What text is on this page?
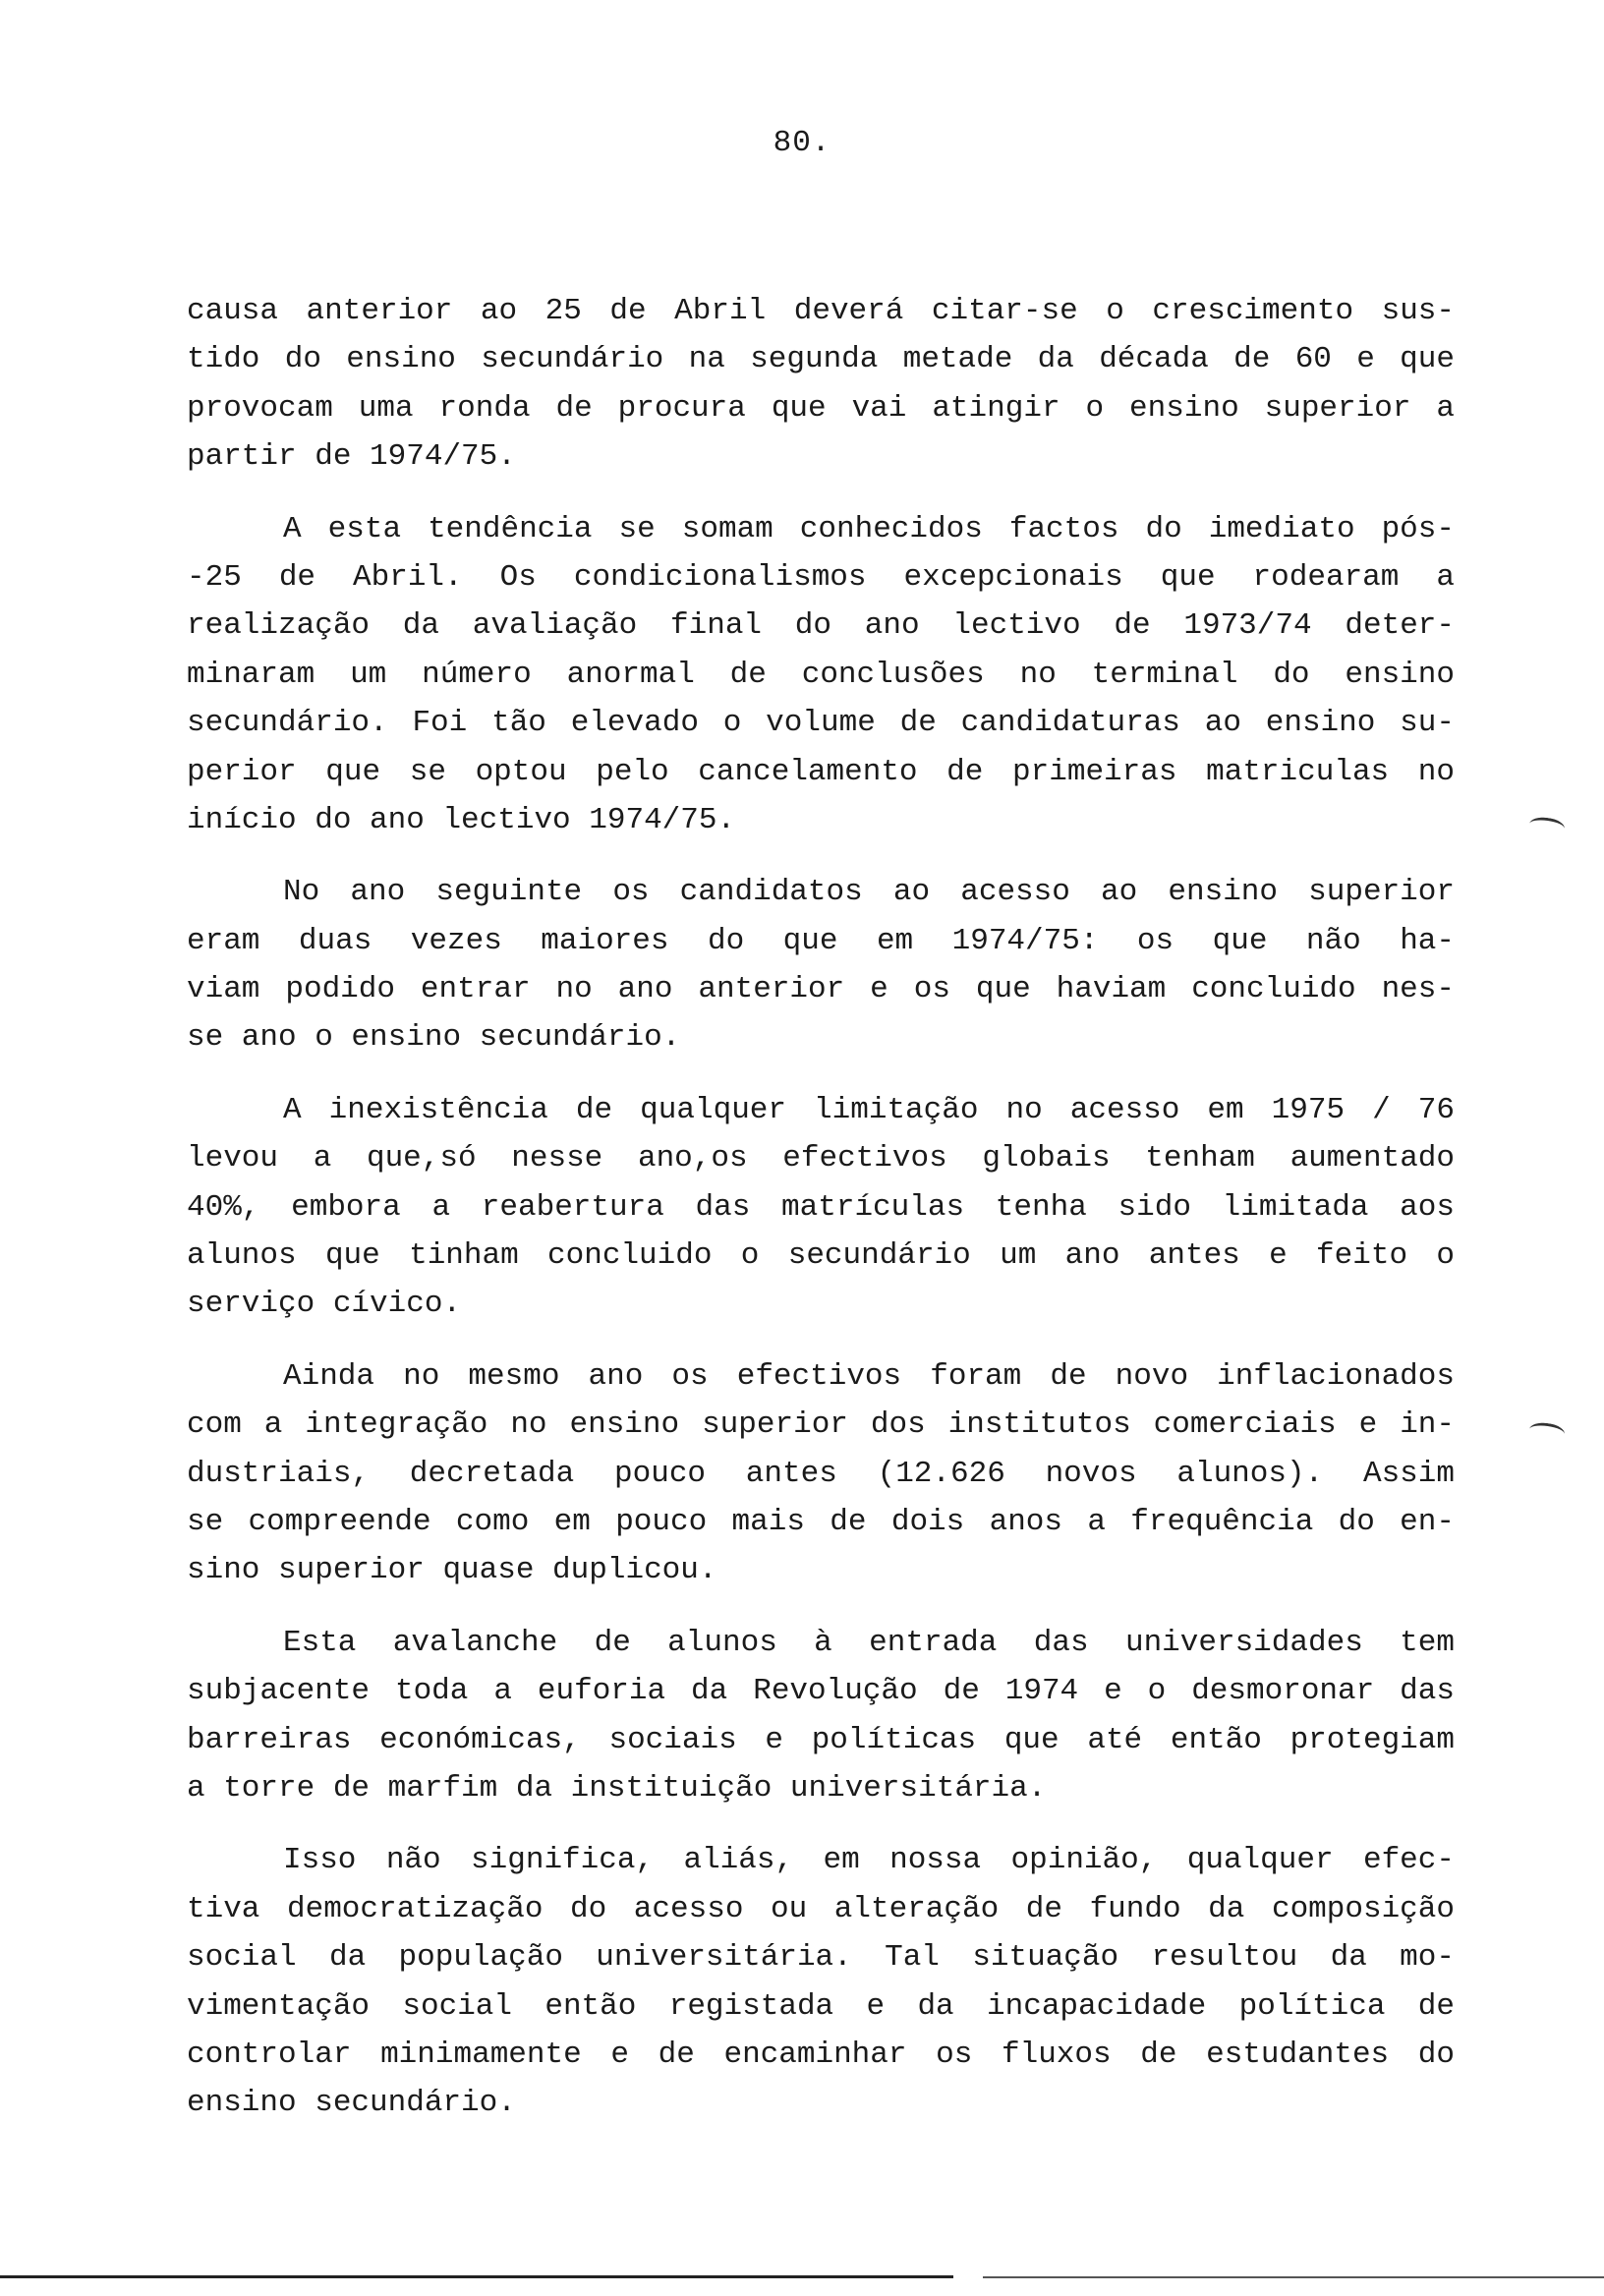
80.
causa anterior ao 25 de Abril deverá citar-se o crescimento sus-
tido do ensino secundário na segunda metade da década de 60 e que
provocam uma ronda de procura que vai atingir o ensino superior a
partir de 1974/75.
A esta tendência se somam conhecidos factos do imediato pós-
-25 de Abril. Os condicionalismos excepcionais que rodearam a
realização da avaliação final do ano lectivo de 1973/74 deter-
minaram um número anormal de conclusões no terminal do ensino
secundário. Foi tão elevado o volume de candidaturas ao ensino su-
perior que se optou pelo cancelamento de primeiras matriculas no
início do ano lectivo 1974/75.
No ano seguinte os candidatos ao acesso ao ensino superior
eram duas vezes maiores do que em 1974/75: os que não ha-
viam podido entrar no ano anterior e os que haviam concluido nes-
se ano o ensino secundário.
A inexistência de qualquer limitação no acesso em 1975 / 76
levou a que,só nesse ano,os efectivos globais tenham aumentado
40%, embora a reabertura das matrículas tenha sido limitada aos
alunos que tinham concluido o secundário um ano antes e feito o
serviço cívico.
Ainda no mesmo ano os efectivos foram de novo inflacionados
com a integração no ensino superior dos institutos comerciais e in-
dustriais, decretada pouco antes (12.626 novos alunos). Assim
se compreende como em pouco mais de dois anos a frequência do en-
sino superior quase duplicou.
Esta avalanche de alunos à entrada das universidades tem
subjacente toda a euforia da Revolução de 1974 e o desmoronar das
barreiras económicas, sociais e políticas que até então protegiam
a torre de marfim da instituição universitária.
Isso não significa, aliás, em nossa opinião, qualquer efec-
tiva democratização do acesso ou alteração de fundo da composição
social da população universitária. Tal situação resultou da mo-
vimentação social então registada e da incapacidade política de
controlar minimamente e de encaminhar os fluxos de estudantes do
ensino secundário.
